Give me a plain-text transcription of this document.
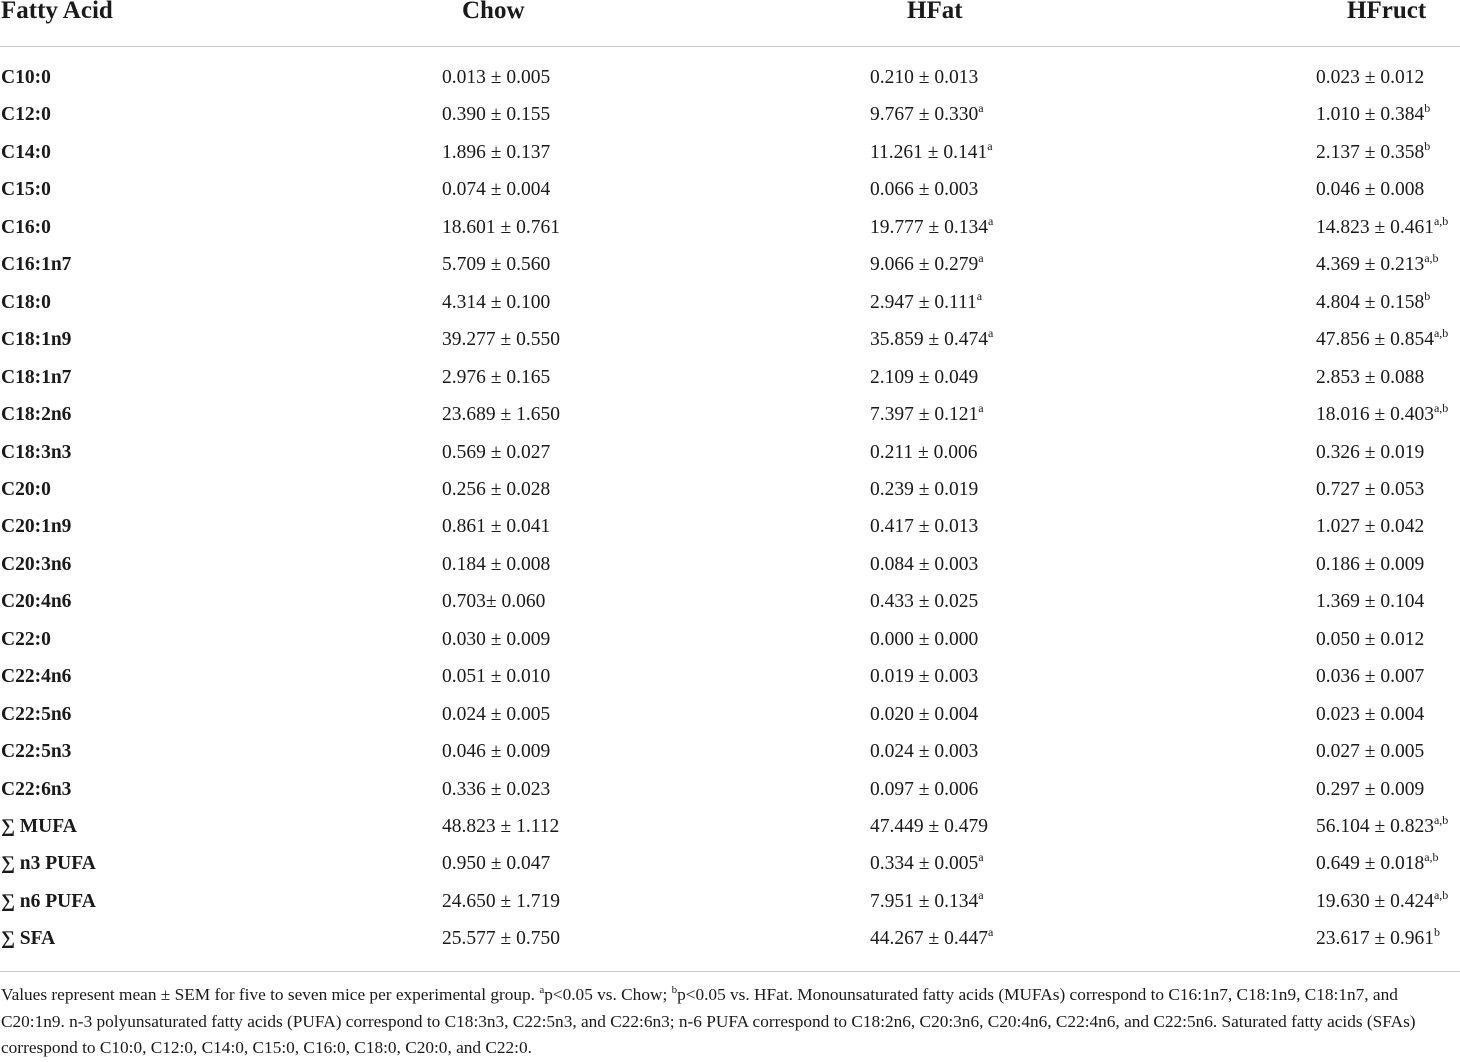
Fatty Acid	Chow	HFat	HFruct
C10:0	0.013 ± 0.005	0.210 ± 0.013	0.023 ± 0.012
C12:0	0.390 ± 0.155	9.767 ± 0.330$^a$	1.010 ± 0.384$^b$
C14:0	1.896 ± 0.137	11.261 ± 0.141$^a$	2.137 ± 0.358$^b$
C15:0	0.074 ± 0.004	0.066 ± 0.003	0.046 ± 0.008
C16:0	18.601 ± 0.761	19.777 ± 0.134$^a$	$14.823 \pm 0.461^{a,b}$
C16:1n7	5.709 ± 0.560	9.066 ± 0.279$^a$	$4.369 \pm 0.213^{a,b}$
C18:0	4.314 ± 0.100	2.947 ± 0.111$^a$	4.804 ± 0.158$^b$
C18:1n9	39.277 ± 0.550	35.859 ± 0.474$^a$	$47.856 \pm 0.854^{a,b}$
C18:1n7	2.976 ± 0.165	2.109 ± 0.049	2.853 ± 0.088
C18:2n6	23.689 ± 1.650	7.397 ± 0.121$^a$	$18.016 \pm 0.403^{a,b}$
C18:3n3	0.569 ± 0.027	0.211 ± 0.006	0.326 ± 0.019
C20:0	0.256 ± 0.028	0.239 ± 0.019	0.727 ± 0.053
C20:1n9	0.861 ± 0.041	0.417 ± 0.013	1.027 ± 0.042
C20:3n6	0.184 ± 0.008	0.084 ± 0.003	0.186 ± 0.009
C20:4n6	0.703± 0.060	0.433 ± 0.025	1.369 ± 0.104
C22:0	0.030 ± 0.009	0.000 ± 0.000	0.050 ± 0.012
C22:4n6	0.051 ± 0.010	0.019 ± 0.003	0.036 ± 0.007
C22:5n6	0.024 ± 0.005	0.020 ± 0.004	0.023 ± 0.004
C22:5n3	0.046 ± 0.009	0.024 ± 0.003	0.027 ± 0.005
C22:6n3	0.336 ± 0.023	0.097 ± 0.006	0.297 ± 0.009
∑ MUFA	48.823 ± 1.112	47.449 ± 0.479	$56.104 \pm 0.823^{a,b}$
∑ n3 PUFA	0.950 ± 0.047	0.334 ± 0.005$^a$	$0.649 \pm 0.018^{a,b}$
∑ n6 PUFA	24.650 ± 1.719	7.951 ± 0.134$^a$	$19.630 \pm 0.424^{a,b}$
∑ SFA	25.577 ± 0.750	44.267 ± 0.447$^a$	23.617 ± 0.961$^b$
Values represent mean ± SEM for five to seven mice per experimental group. $^a$p<0.05 vs. Chow; $^b$p<0.05 vs. HFat. Monounsaturated fatty acids (MUFAs) correspond to C16:1n7, C18:1n9, C18:1n7, and C20:1n9. n-3 polyunsaturated fatty acids (PUFA) correspond to C18:3n3, C22:5n3, and C22:6n3; n-6 PUFA correspond to C18:2n6, C20:3n6, C20:4n6, C22:4n6, and C22:5n6. Saturated fatty acids (SFAs) correspond to C10:0, C12:0, C14:0, C15:0, C16:0, C18:0, C20:0, and C22:0.
